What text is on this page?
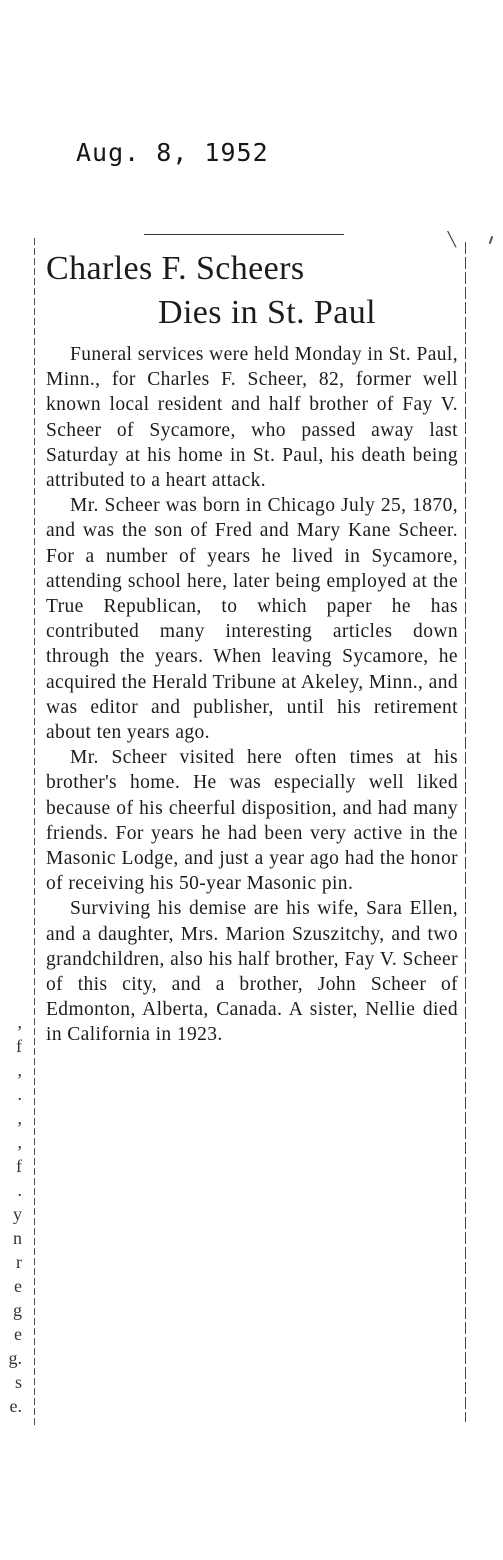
Aug. 8, 1952
╲
Charles F. Scheers
Dies in St. Paul

Funeral services were held Monday in St. Paul, Minn., for Charles F. Scheer, 82, former well known local resident and half brother of Fay V. Scheer of Sycamore, who passed away last Saturday at his home in St. Paul, his death being attributed to a heart attack.

Mr. Scheer was born in Chicago July 25, 1870, and was the son of Fred and Mary Kane Scheer. For a number of years he lived in Sycamore, attending school here, later being employed at the True Republican, to which paper he has contributed many interesting articles down through the years. When leaving Sycamore, he acquired the Herald Tribune at Akeley, Minn., and was editor and publisher, until his retirement about ten years ago.

Mr. Scheer visited here often times at his brother's home. He was especially well liked because of his cheerful disposition, and had many friends. For years he had been very active in the Masonic Lodge, and just a year ago had the honor of receiving his 50-year Masonic pin.

Surviving his demise are his wife, Sara Ellen, and a daughter, Mrs. Marion Szuszitchy, and two grandchildren, also his half brother, Fay V. Scheer of this city, and a brother, John Scheer of Edmonton, Alberta, Canada. A sister, Nellie died in California in 1923.

,
f
,
.
,
,
f
.
y
n
r
e
g
e
g.
s
e.
